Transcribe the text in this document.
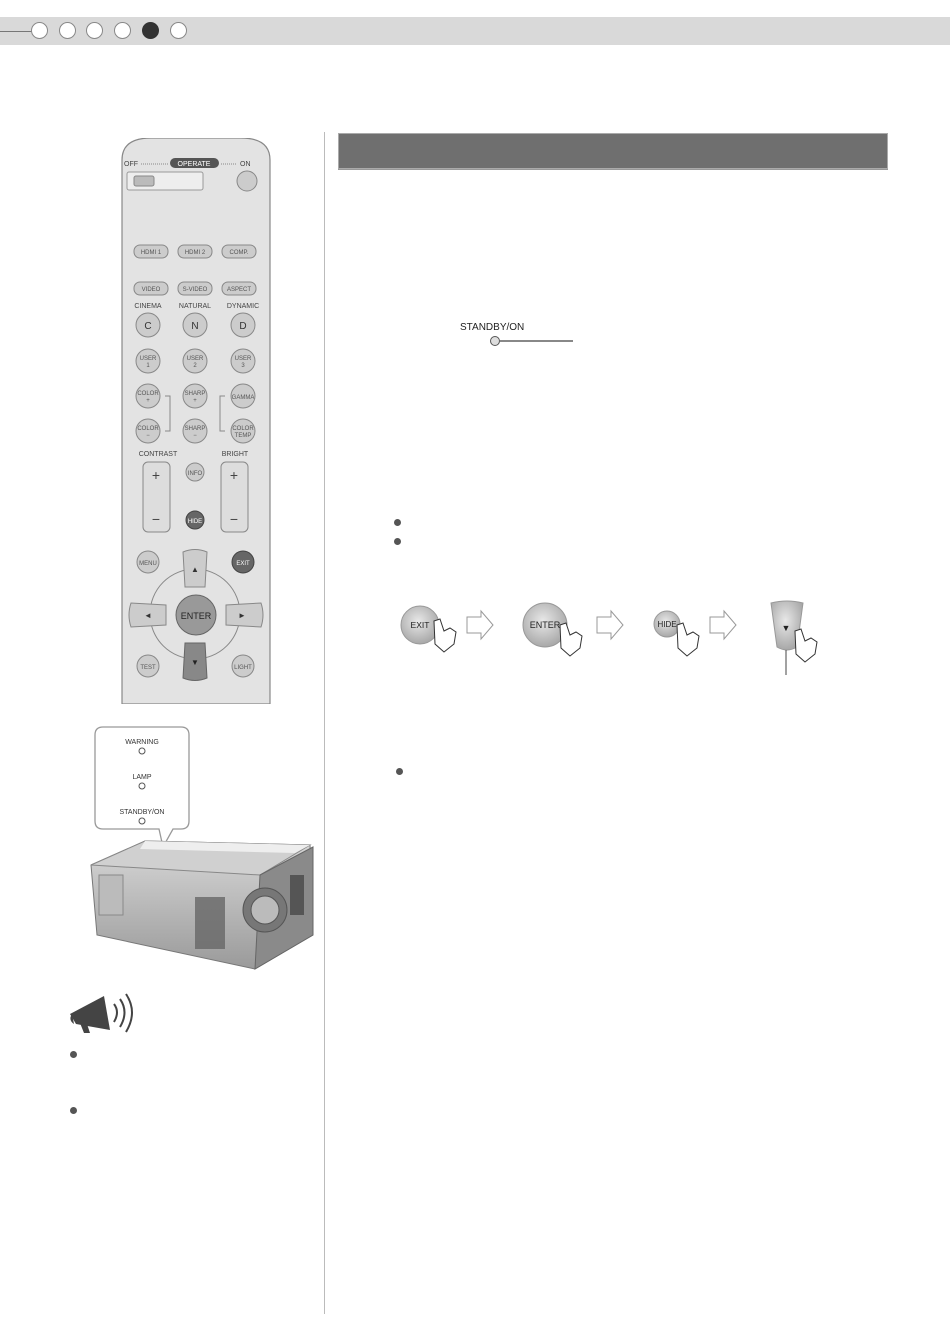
STANDBY/ON
EXIT	ENTER	HIDE	▼
OFF	OPERATE	ON
HDMI 1	HDMI 2	COMP.
VIDEO	S-VIDEO	ASPECT
CINEMA NATURAL DYNAMIC
C	N	D
USER
1
USER
2
USER
3
COLOR
+
SHARP
+	GAMMA
COLOR
−
SHARP
−
COLOR
TEMP
CONTRAST	BRIGHT
+
−
+
−
INFO
HIDE
MENU	EXIT
▲
▼
◄	►
ENTER
TEST	LIGHT
WARNING
LAMP
STANDBY/ON
